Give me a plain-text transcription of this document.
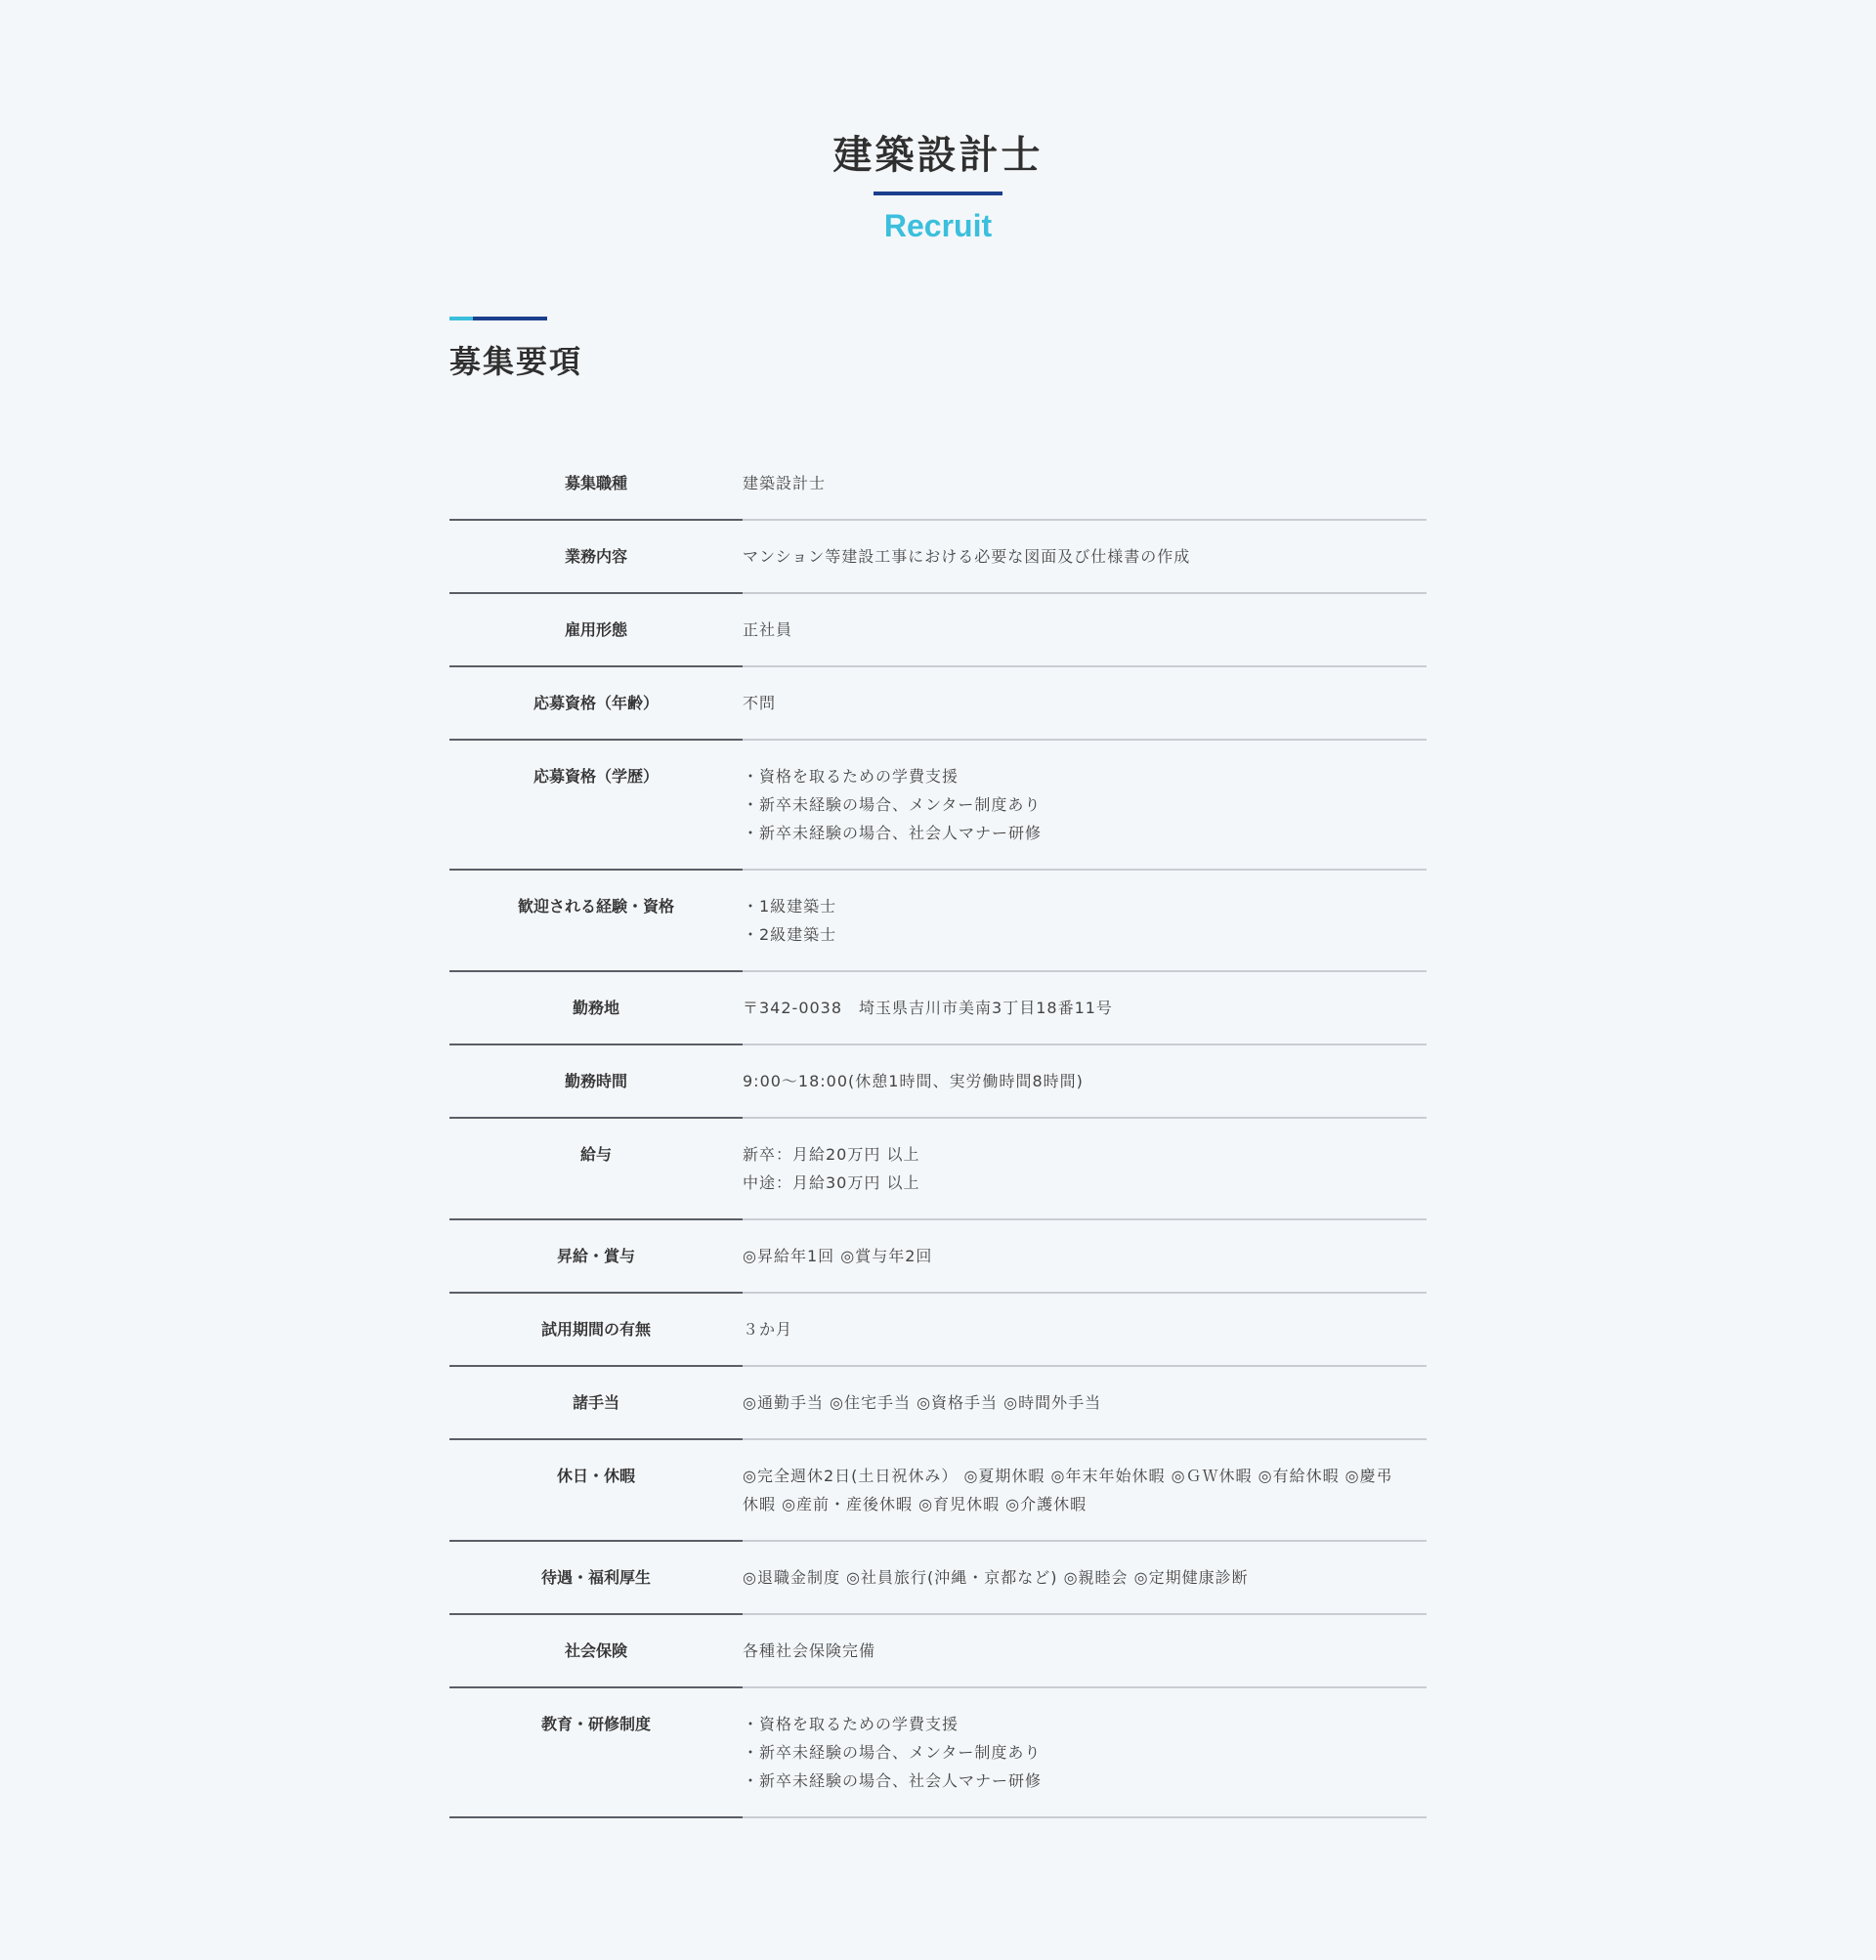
建築設計士
Recruit
募集要項
募集職種	建築設計士
業務内容	マンション等建設工事における必要な図面及び仕様書の作成
雇用形態	正社員
応募資格（年齢）	不問
応募資格（学歴）	・資格を取るための学費支援
・新卒未経験の場合、メンター制度あり
・新卒未経験の場合、社会人マナー研修
歓迎される経験・資格	・1級建築士
・2級建築士
勤務地	〒342-0038　埼玉県吉川市美南3丁目18番11号
勤務時間	9:00～18:00(休憩1時間、実労働時間8時間)
給与	新卒：月給20万円 以上
中途：月給30万円 以上
昇給・賞与	◎昇給年1回 ◎賞与年2回
試用期間の有無	３か月
諸手当	◎通勤手当 ◎住宅手当 ◎資格手当 ◎時間外手当
休日・休暇	◎完全週休2日(土日祝休み） ◎夏期休暇 ◎年末年始休暇 ◎ＧＷ休暇 ◎有給休暇 ◎慶弔休暇 ◎産前・産後休暇 ◎育児休暇 ◎介護休暇
待遇・福利厚生	◎退職金制度 ◎社員旅行(沖縄・京都など) ◎親睦会 ◎定期健康診断
社会保険	各種社会保険完備
教育・研修制度	・資格を取るための学費支援
・新卒未経験の場合、メンター制度あり
・新卒未経験の場合、社会人マナー研修
